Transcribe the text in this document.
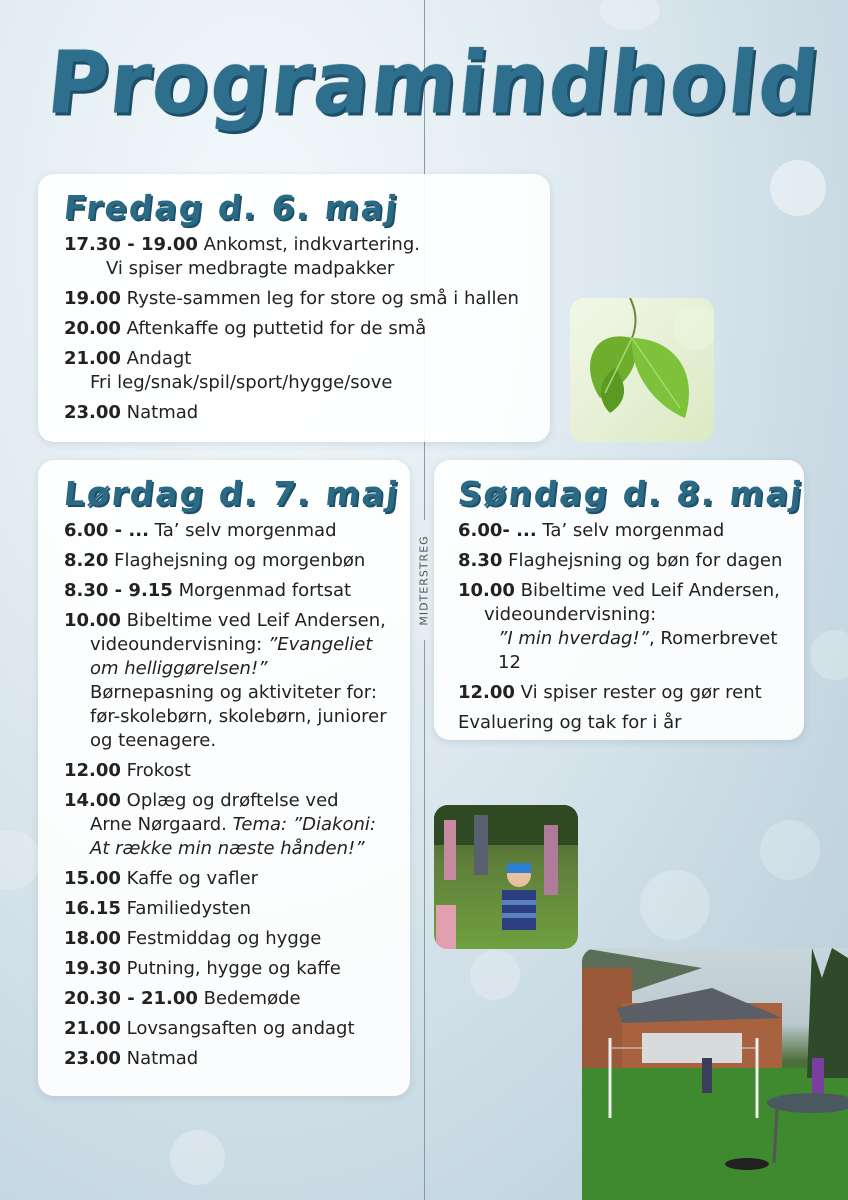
MIDTERSTREG
Programindhold
Fredag d. 6. maj
17.30 - 19.00 Ankomst, indkvartering.
Vi spiser medbragte madpakker
19.00 Ryste-sammen leg for store og små i hallen
20.00 Aftenkaffe og puttetid for de små
21.00 Andagt
Fri leg/snak/spil/sport/hygge/sove
23.00 Natmad
Lørdag d. 7. maj
6.00 - ... Ta’ selv morgenmad
8.20 Flaghejsning og morgenbøn
8.30 - 9.15 Morgenmad fortsat
10.00 Bibeltime ved Leif Andersen,
videoundervisning: ”Evangeliet
om helliggørelsen!”
Børnepasning og aktiviteter for:
før-skolebørn, skolebørn, juniorer
og teenagere.
12.00 Frokost
14.00 Oplæg og drøftelse ved
Arne Nørgaard. Tema: ”Diakoni:
At række min næste hånden!”
15.00 Kaffe og vafler
16.15 Familiedysten
18.00 Festmiddag og hygge
19.30 Putning, hygge og kaffe
20.30 - 21.00 Bedemøde
21.00 Lovsangsaften og andagt
23.00 Natmad
Søndag d. 8. maj
6.00- ... Ta’ selv morgenmad
8.30 Flaghejsning og bøn for dagen
10.00 Bibeltime ved Leif Andersen,
videoundervisning:
”I min hverdag!”, Romerbrevet 12
12.00 Vi spiser rester og gør rent
Evaluering og tak for i år
